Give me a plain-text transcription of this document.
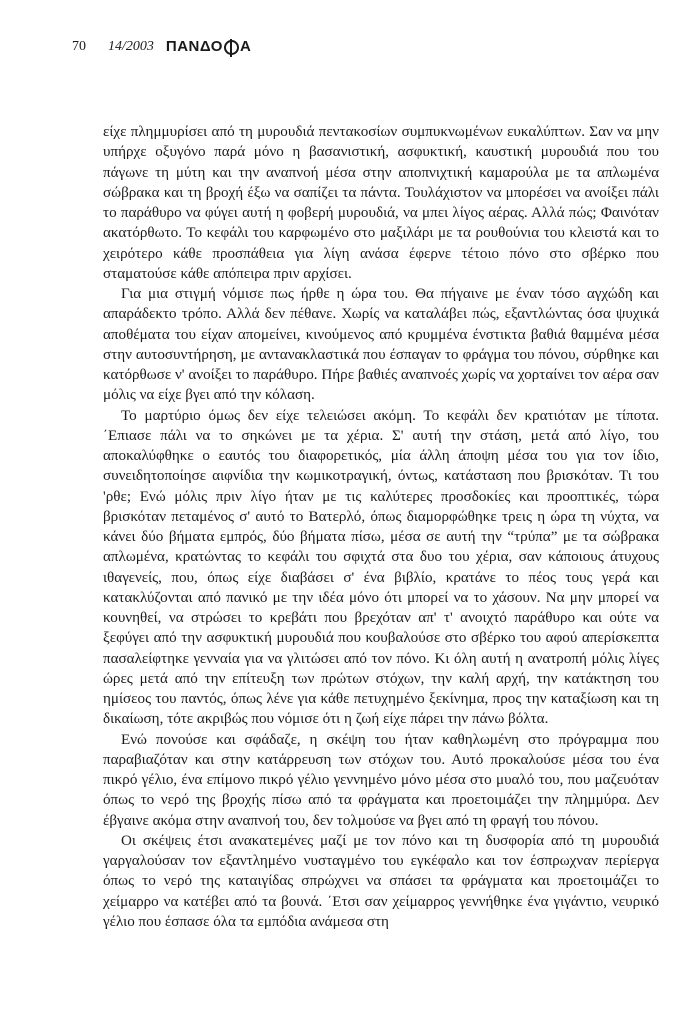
70 14/2003 ΠΑΝΔΟ Α

είχε πλημμυρίσει από τη μυρουδιά πεντακοσίων συμπυκνωμένων ευκαλύπτων. Σαν να μην υπήρχε οξυγόνο παρά μόνο η βασανιστική, ασφυκτική, καυστική μυρουδιά που του πάγωνε τη μύτη και την αναπνοή μέσα στην αποπνιχτική καμαρούλα με τα απλωμένα σώβρακα και τη βροχή έξω να σαπίζει τα πάντα. Τουλάχιστον να μπορέσει να ανοίξει πάλι το παράθυρο να φύγει αυτή η φοβερή μυρουδιά, να μπει λίγος αέρας. Αλλά πώς; Φαινόταν ακατόρθωτο. Το κεφάλι του καρφωμένο στο μαξιλάρι με τα ρουθούνια του κλειστά και το χειρότερο κάθε προσπάθεια για λίγη ανάσα έφερνε τέτοιο πόνο στο σβέρκο που σταματούσε κάθε απόπειρα πριν αρχίσει.

Για μια στιγμή νόμισε πως ήρθε η ώρα του. Θα πήγαινε με έναν τόσο αγχώδη και απαράδεκτο τρόπο. Αλλά δεν πέθανε. Χωρίς να καταλάβει πώς, εξαντλώντας όσα ψυχικά αποθέματα του είχαν απομείνει, κινούμενος από κρυμμένα ένστικτα βαθιά θαμμένα μέσα στην αυτοσυντήρηση, με αντανακλαστικά που έσπαγαν το φράγμα του πόνου, σύρθηκε και κατόρθωσε ν' ανοίξει το παράθυρο. Πήρε βαθιές αναπνοές χωρίς να χορταίνει τον αέρα σαν μόλις να είχε βγει από την κόλαση.

Το μαρτύριο όμως δεν είχε τελειώσει ακόμη. Το κεφάλι δεν κρατιόταν με τίποτα. ΄Επιασε πάλι να το σηκώνει με τα χέρια. Σ' αυτή την στάση, μετά από λίγο, του αποκαλύφθηκε ο εαυτός του διαφορετικός, μία άλλη άποψη μέσα του για τον ίδιο, συνειδητοποίησε αιφνίδια την κωμικοτραγική, όντως, κατάσταση που βρισκόταν. Τι του 'ρθε; Ενώ μόλις πριν λίγο ήταν με τις καλύτερες προσδοκίες και προοπτικές, τώρα βρισκόταν πεταμένος σ' αυτό το Βατερλό, όπως διαμορφώθηκε τρεις η ώρα τη νύχτα, να κάνει δύο βήματα εμπρός, δύο βήματα πίσω, μέσα σε αυτή την “τρύπα” με τα σώβρακα απλωμένα, κρατώντας το κεφάλι του σφιχτά στα δυο του χέρια, σαν κάποιους άτυχους ιθαγενείς, που, όπως είχε διαβάσει σ' ένα βιβλίο, κρατάνε το πέος τους γερά και κατακλύζονται από πανικό με την ιδέα μόνο ότι μπορεί να το χάσουν. Να μην μπορεί να κουνηθεί, να στρώσει το κρεβάτι που βρεχόταν απ' τ' ανοιχτό παράθυρο και ούτε να ξεφύγει από την ασφυκτική μυρουδιά που κουβαλούσε στο σβέρκο του αφού απερίσκεπτα πασαλείφτηκε γενναία για να γλιτώσει από τον πόνο. Κι όλη αυτή η ανατροπή μόλις λίγες ώρες μετά από την επίτευξη των πρώτων στόχων, την καλή αρχή, την κατάκτηση του ημίσεος του παντός, όπως λένε για κάθε πετυχημένο ξεκίνημα, προς την καταξίωση και τη δικαίωση, τότε ακριβώς που νόμισε ότι η ζωή είχε πάρει την πάνω βόλτα.

Ενώ πονούσε και σφάδαζε, η σκέψη του ήταν καθηλωμένη στο πρόγραμμα που παραβιαζόταν και στην κατάρρευση των στόχων του. Αυτό προκαλούσε μέσα του ένα πικρό γέλιο, ένα επίμονο πικρό γέλιο γεννημένο μόνο μέσα στο μυαλό του, που μαζευόταν όπως το νερό της βροχής πίσω από τα φράγματα και προετοιμάζει την πλημμύρα. Δεν έβγαινε ακόμα στην αναπνοή του, δεν τολμούσε να βγει από τη φραγή του πόνου.

Οι σκέψεις έτσι ανακατεμένες μαζί με τον πόνο και τη δυσφορία από τη μυρουδιά γαργαλούσαν τον εξαντλημένο νυσταγμένο του εγκέφαλο και τον έσπρωχναν περίεργα όπως το νερό της καταιγίδας σπρώχνει να σπάσει τα φράγματα και προετοιμάζει το χείμαρρο να κατέβει από τα βουνά. ΄Ετσι σαν χείμαρρος γεννήθηκε ένα γιγάντιο, νευρικό γέλιο που έσπασε όλα τα εμπόδια ανάμεσα στη
